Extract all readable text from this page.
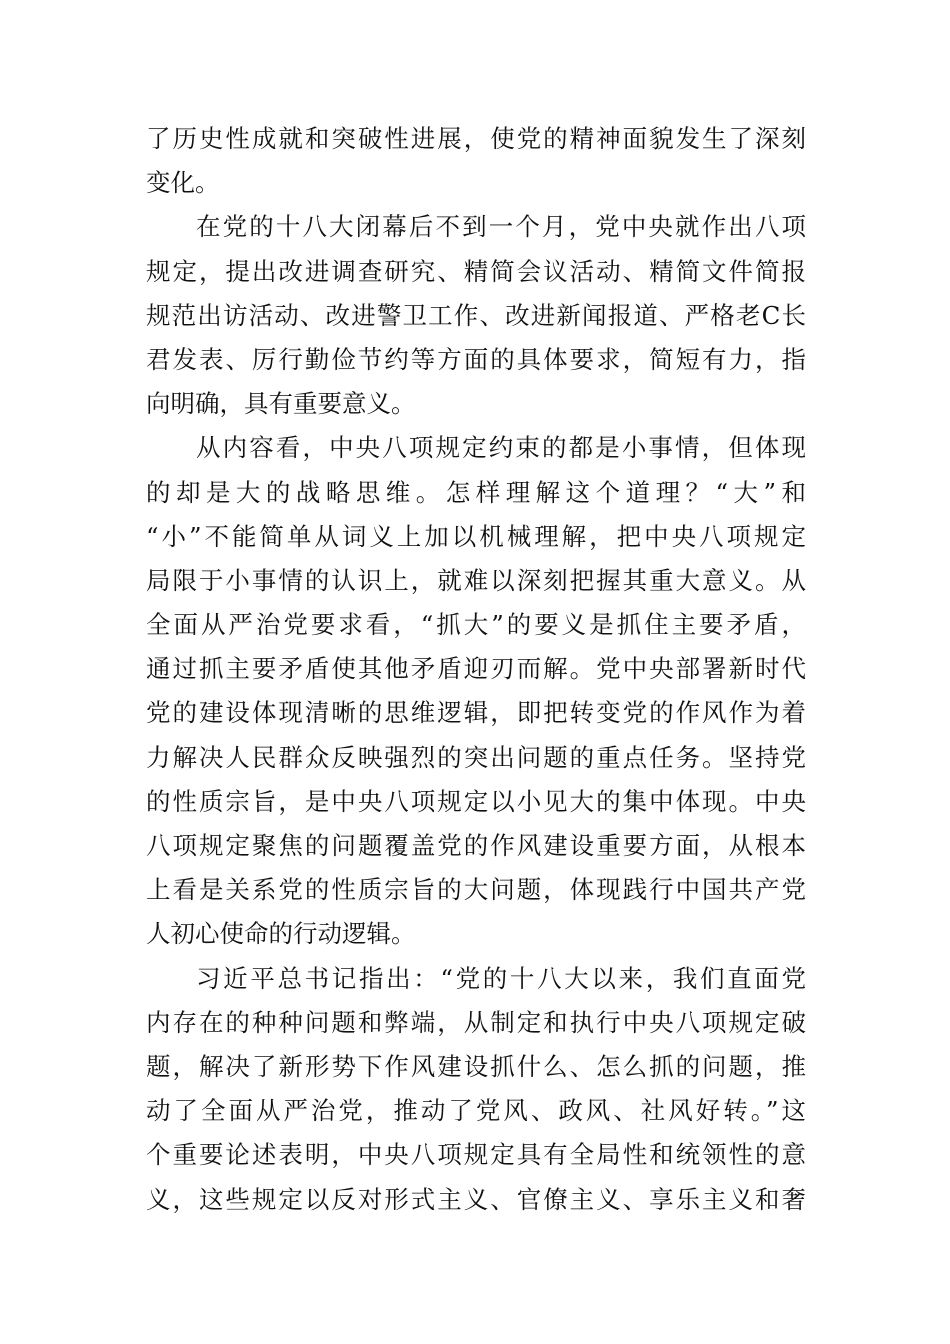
了历史性成就和突破性进展，使党的精神面貌发生了深刻
变化。
在党的十八大闭幕后不到一个月，党中央就作出八项
规定，提出改进调查研究、精简会议活动、精简文件简报
规范出访活动、改进警卫工作、改进新闻报道、严格老C长
君发表、厉行勤俭节约等方面的具体要求，简短有力，指
向明确，具有重要意义。
从内容看，中央八项规定约束的都是小事情，但体现
的却是大的战略思维。怎样理解这个道理？“大”和
“小”不能简单从词义上加以机械理解，把中央八项规定
局限于小事情的认识上，就难以深刻把握其重大意义。从
全面从严治党要求看，“抓大”的要义是抓住主要矛盾，
通过抓主要矛盾使其他矛盾迎刃而解。党中央部署新时代
党的建设体现清晰的思维逻辑，即把转变党的作风作为着
力解决人民群众反映强烈的突出问题的重点任务。坚持党
的性质宗旨，是中央八项规定以小见大的集中体现。中央
八项规定聚焦的问题覆盖党的作风建设重要方面，从根本
上看是关系党的性质宗旨的大问题，体现践行中国共产党
人初心使命的行动逻辑。
习近平总书记指出：“党的十八大以来，我们直面党
内存在的种种问题和弊端，从制定和执行中央八项规定破
题，解决了新形势下作风建设抓什么、怎么抓的问题，推
动了全面从严治党，推动了党风、政风、社风好转。”这
个重要论述表明，中央八项规定具有全局性和统领性的意
义，这些规定以反对形式主义、官僚主义、享乐主义和奢
